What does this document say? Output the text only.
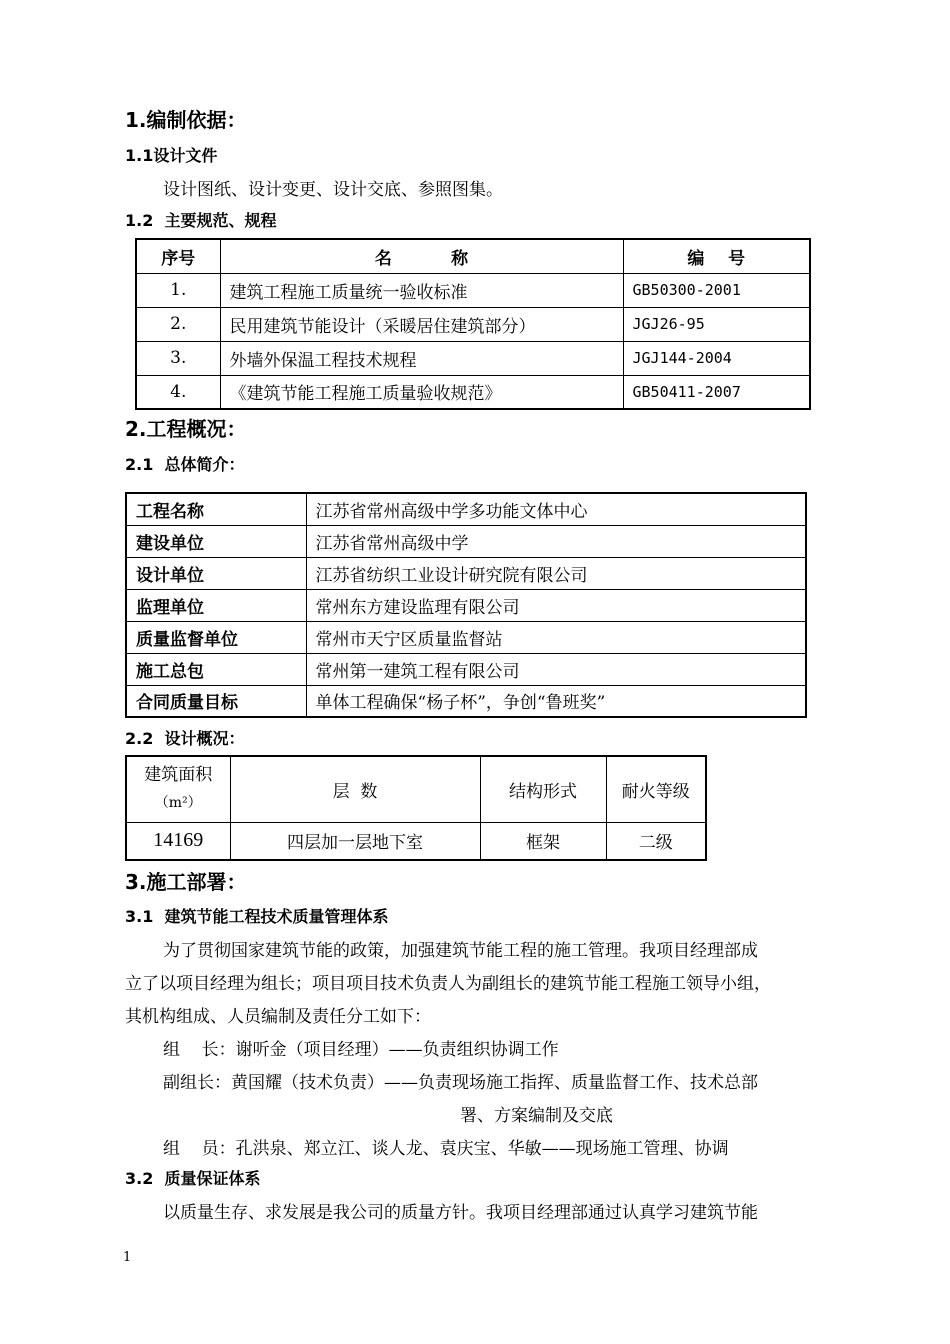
1.编制依据：
1.1设计文件
设计图纸、设计变更、设计交底、参照图集。
1.2  主要规范、规程
序号	名          称	编    号
1.	建筑工程施工质量统一验收标准	GB50300-2001
2.	民用建筑节能设计（采暖居住建筑部分）	JGJ26-95
3.	外墙外保温工程技术规程	JGJ144-2004
4.	《建筑节能工程施工质量验收规范》	GB50411-2007
2.工程概况：
2.1  总体简介：
工程名称	江苏省常州高级中学多功能文体中心
建设单位	江苏省常州高级中学
设计单位	江苏省纺织工业设计研究院有限公司
监理单位	常州东方建设监理有限公司
质量监督单位	常州市天宁区质量监督站
施工总包	常州第一建筑工程有限公司
合同质量目标	单体工程确保“杨子杯”，争创“鲁班奖”
2.2  设计概况：
建筑面积
（m²）	层  数	结构形式	耐火等级
14169	四层加一层地下室	框架	二级
3.施工部署：
3.1  建筑节能工程技术质量管理体系
为了贯彻国家建筑节能的政策，加强建筑节能工程的施工管理。我项目经理部成
立了以项目经理为组长；项目项目技术负责人为副组长的建筑节能工程施工领导小组，
其机构组成、人员编制及责任分工如下：
组    长：谢听金（项目经理）——负责组织协调工作
副组长：黄国耀（技术负责）——负责现场施工指挥、质量监督工作、技术总部
署、方案编制及交底
组    员：孔洪泉、郑立江、谈人龙、袁庆宝、华敏——现场施工管理、协调
3.2  质量保证体系
以质量生存、求发展是我公司的质量方针。我项目经理部通过认真学习建筑节能
1
